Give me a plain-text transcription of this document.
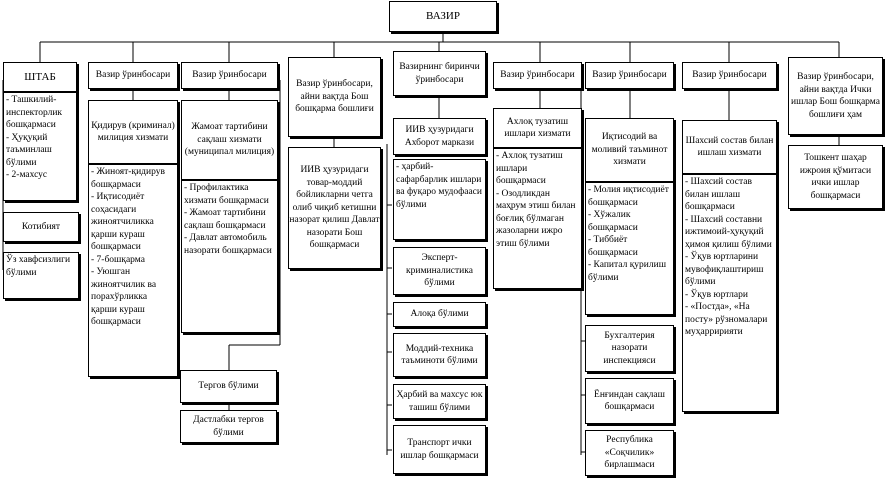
ВАЗИР
ШТАБ
- Ташкилий-инспекторлик бошқармаси
- Ҳуқуқий таъминлаш бўлими
- 2-махсус
Котибият
Ўз хавфсизлиги бўлими
Вазир ўринбосари
Қидирув (криминал) милиция хизмати
- Жиноят-қидирув бошқармаси
- Иқтисодиёт соҳасидаги жиноятчиликка қарши кураш бошқармаси
- 7-бошқарма
- Уюшган жиноятчилик ва порахўрликка қарши кураш бошқармаси
Вазир ўринбосари
Жамоат тартибини сақлаш хизмати (муниципал милиция)
- Профилактика хизмати бошқармаси
- Жамоат тартибини сақлаш бошқармаси
- Давлат автомобиль назорати бошқармаси
Тергов бўлими
Дастлабки тергов бўлими
Вазир ўринбосари, айни вақтда Бош бошқарма бошлиғи
ИИВ ҳузуридаги товар-моддий бойликларни четга олиб чиқиб кетишни назорат қилиш Давлат назорати Бош бошқармаси
Вазирнинг биринчи ўринбосари
ИИВ ҳузуридаги Ахборот маркази
- ҳарбий-сафарбарлик ишлари ва фуқаро мудофааси бўлими
Эксперт-криминалистика бўлими
Алоқа бўлими
Моддий-техника таъминоти бўлими
Ҳарбий ва махсус юк ташиш бўлими
Транспорт ички ишлар бошқармаси
Вазир ўринбосари
Ахлоқ тузатиш ишлари хизмати
- Ахлоқ тузатиш ишлари бошқармаси
- Озодликдан маҳрум этиш билан боғлиқ бўлмаган жазоларни ижро этиш бўлими
Вазир ўринбосари
Иқтисодий ва моливий таъминот хизмати
- Молия иқтисодиёт бошқармаси
- Хўжалик бошқармаси
- Тиббиёт бошқармаси
- Капитал қурилиш бўлими
Бухгалтерия назорати инспекцияси
Ёнғиндан сақлаш бошқармаси
Республика «Соқчилик» бирлашмаси
Вазир ўринбосари
Шахсий состав билан ишлаш хизмати
- Шахсий состав билан ишлаш бошқармаси
- Шахсий составни ижтимоий-ҳуқуқий ҳимоя қилиш бўлими
- Ўқув юртларини мувофиқлаштириш бўлими
- Ўқув юртлари
- «Постда», «На посту» рўзномалари муҳарририяти
Вазир ўринбосари, айни вақтда Ички ишлар Бош бошқарма бошлиғи ҳам
Тошкент шаҳар ижроия қўмитаси ички ишлар бошқармаси
